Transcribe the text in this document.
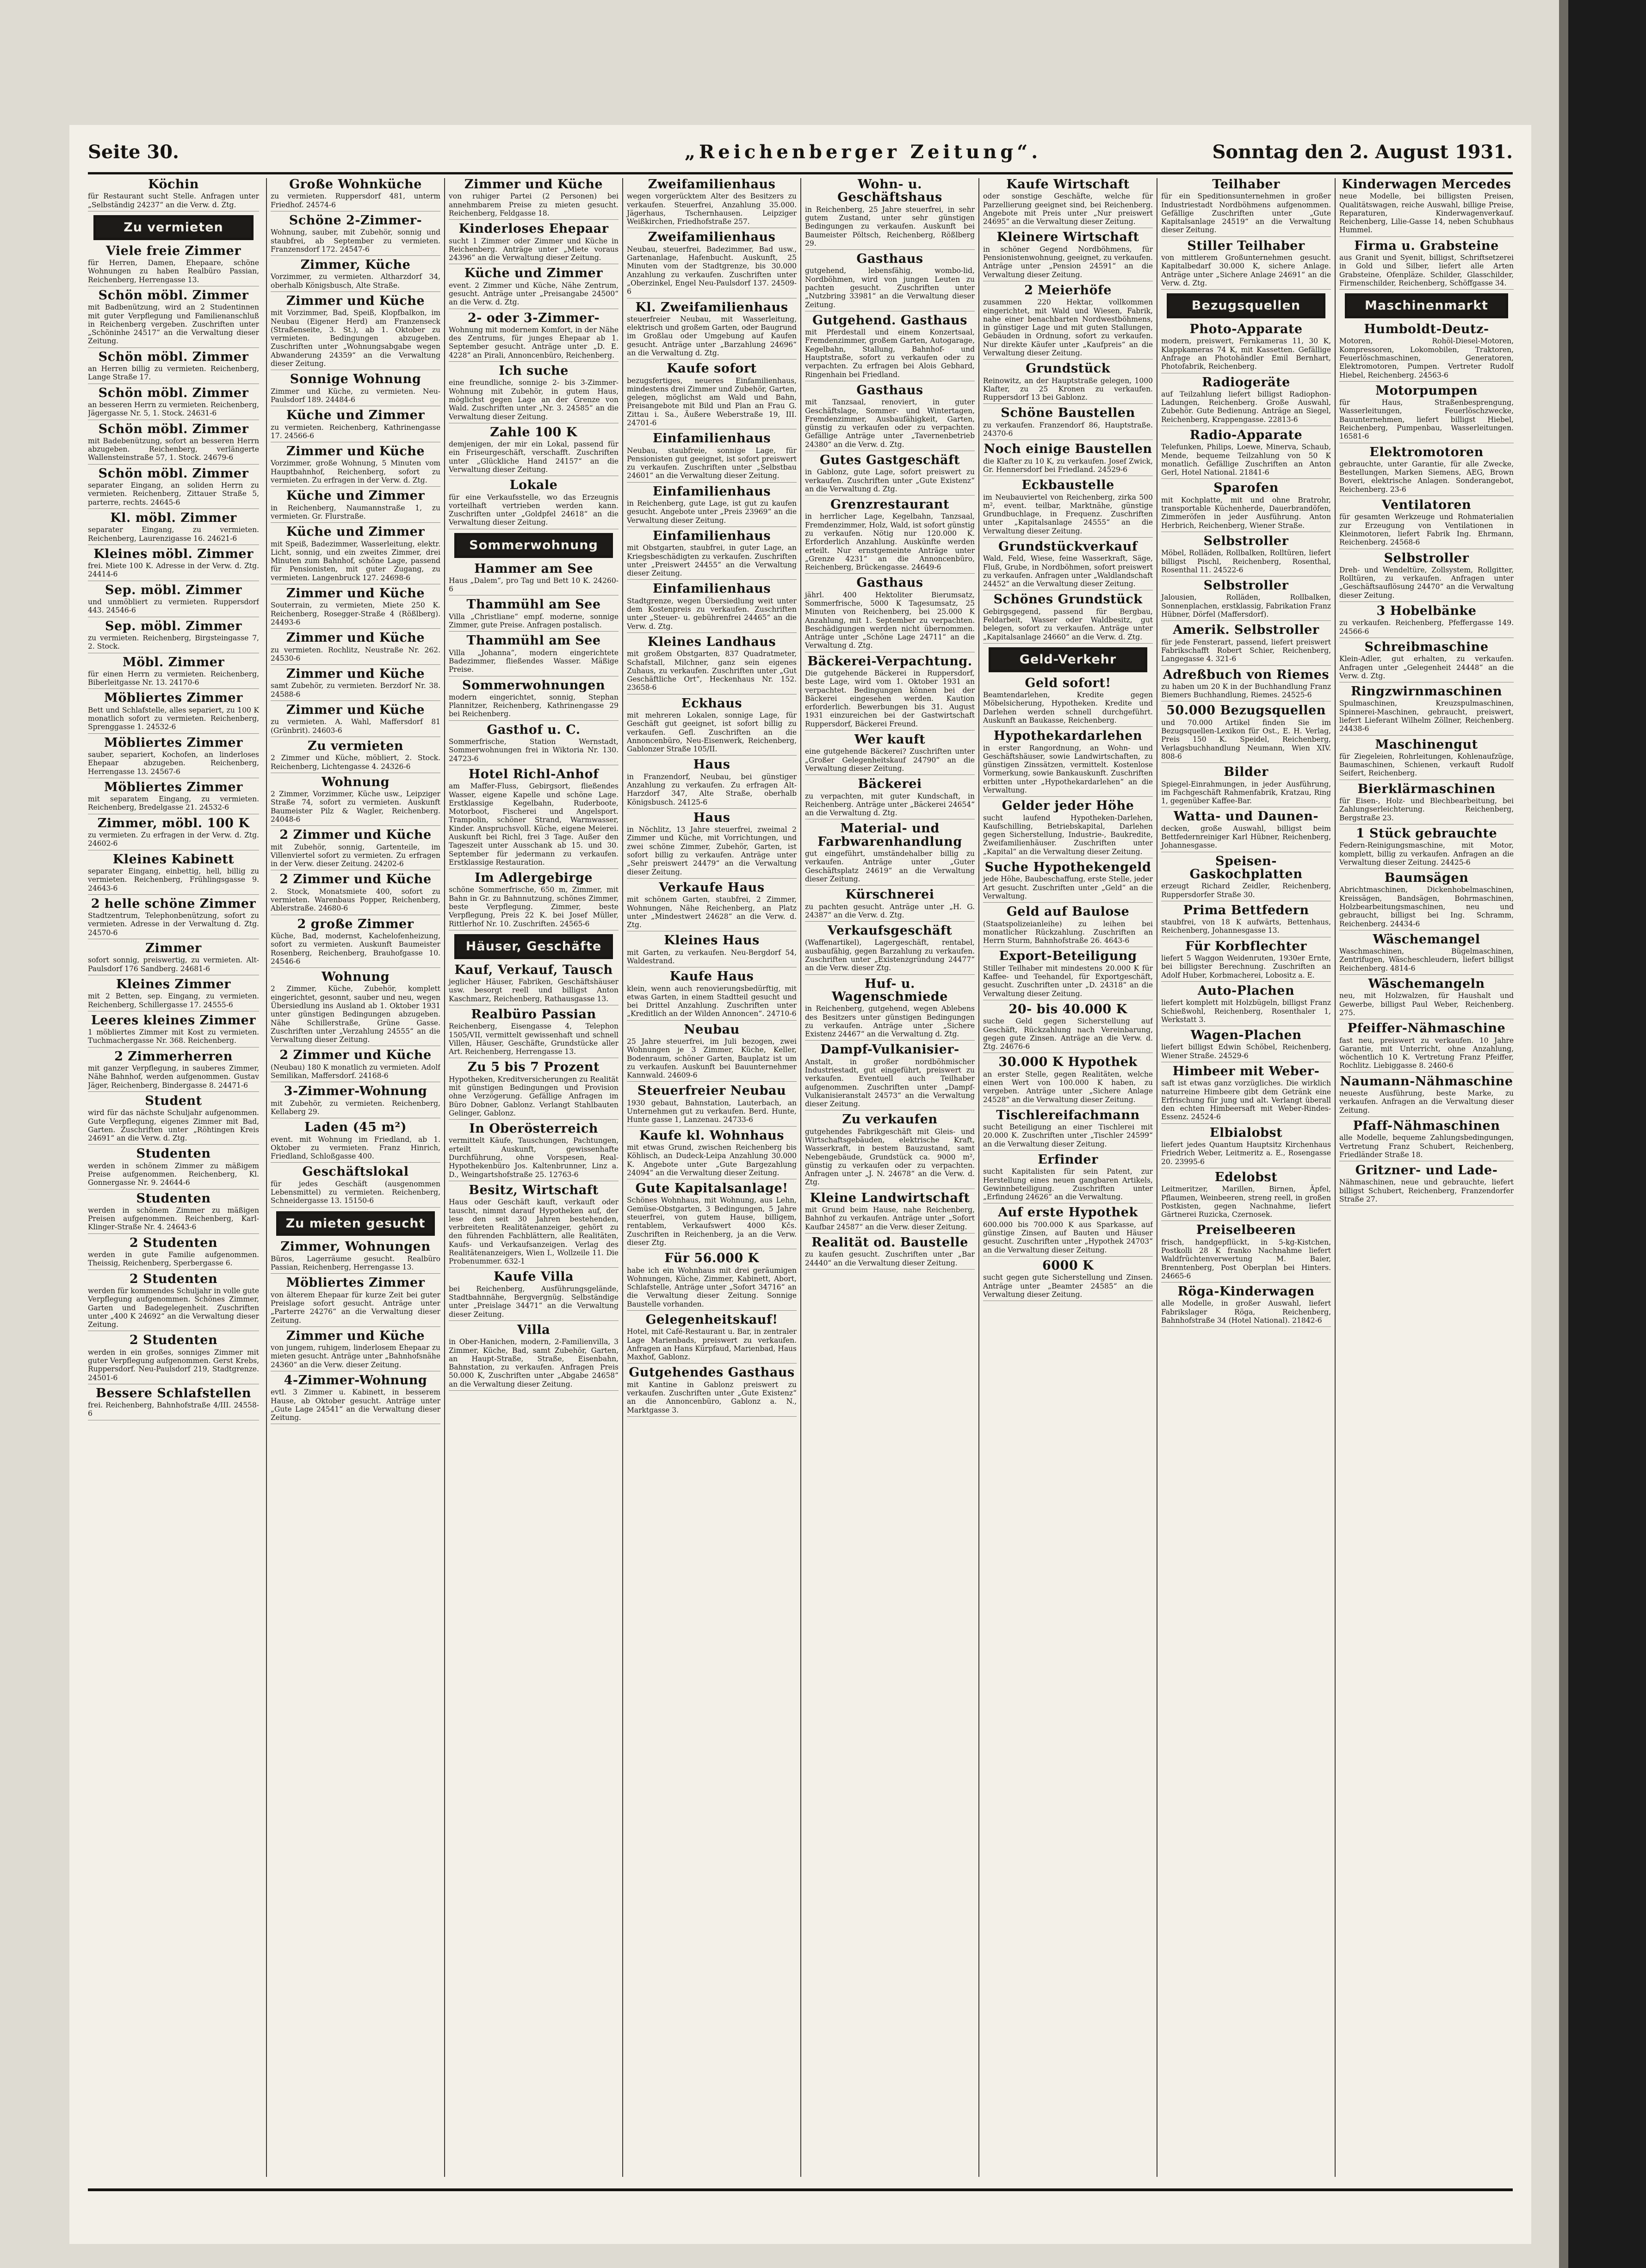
Seite 30.	„Reichenberger Zeitung“.	Sonntag den 2. August 1931.
Köchin

für Restaurant sucht Stelle. Anfragen unter „Selbständig 24237“ an die Verw. d. Ztg.

Zu vermieten
Viele freie Zimmer

für Herren, Damen, Ehepaare, schöne Wohnungen zu haben Realbüro Passian, Reichenberg, Herrengasse 13.

Schön möbl. Zimmer

mit Badbenützung, wird an 2 Studentinnen mit guter Verpflegung und Familienanschluß in Reichenberg vergeben. Zuschriften unter „Schöninhe 24517“ an die Verwaltung dieser Zeitung.

Schön möbl. Zimmer

an Herren billig zu vermieten. Reichenberg, Lange Straße 17.

Schön möbl. Zimmer

an besseren Herrn zu vermieten. Reichenberg, Jägergasse Nr. 5, 1. Stock. 24631-6

Schön möbl. Zimmer

mit Badebenützung, sofort an besseren Herrn abzugeben. Reichenberg, verlängerte Wallensteinstraße 57, 1. Stock. 24679-6

Schön möbl. Zimmer

separater Eingang, an soliden Herrn zu vermieten. Reichenberg, Zittauer Straße 5, parterre, rechts. 24645-6

Kl. möbl. Zimmer

separater Eingang, zu vermieten. Reichenberg, Laurenzigasse 16. 24621-6

Kleines möbl. Zimmer

frei. Miete 100 K. Adresse in der Verw. d. Ztg. 24414-6

Sep. möbl. Zimmer

und unmöbliert zu vermieten. Ruppersdorf 443. 24546-6

Sep. möbl. Zimmer

zu vermieten. Reichenberg, Birgsteingasse 7, 2. Stock.

Möbl. Zimmer

für einen Herrn zu vermieten. Reichenberg, Biberleitgasse Nr. 13. 24170-6

Möbliertes Zimmer

Bett und Schlafstelle, alles separiert, zu 100 K monatlich sofort zu vermieten. Reichenberg, Sprenggasse 1. 24532-6

Möbliertes Zimmer

sauber, separiert, Kochofen, an linderloses Ehepaar abzugeben. Reichenberg, Herrengasse 13. 24567-6

Möbliertes Zimmer

mit separatem Eingang, zu vermieten. Reichenberg, Bredelgasse 21. 24532-6

Zimmer, möbl. 100 K

zu vermieten. Zu erfragen in der Verw. d. Ztg. 24602-6

Kleines Kabinett

separater Eingang, einbettig, hell, billig zu vermieten. Reichenberg, Frühlingsgasse 9. 24643-6

2 helle schöne Zimmer

Stadtzentrum, Telephonbenützung, sofort zu vermieten. Adresse in der Verwaltung d. Ztg. 24570-6

Zimmer

sofort sonnig, preiswertig, zu vermieten. Alt-Paulsdorf 176 Sandberg. 24681-6

Kleines Zimmer

mit 2 Betten, sep. Eingang, zu vermieten. Reichenberg, Schillergasse 17. 24555-6

Leeres kleines Zimmer

1 möbliertes Zimmer mit Kost zu vermieten. Tuchmachergasse Nr. 368. Reichenberg.

2 Zimmerherren

mit ganzer Verpflegung, in sauberes Zimmer, Nähe Bahnhof, werden aufgenommen. Gustav Jäger, Reichenberg, Bindergasse 8. 24471-6

Student

wird für das nächste Schuljahr aufgenommen. Gute Verpflegung, eigenes Zimmer mit Bad, Garten. Zuschriften unter „Röhtingen Kreis 24691“ an die Verw. d. Ztg.

Studenten

werden in schönem Zimmer zu mäßigem Preise aufgenommen. Reichenberg, Kl. Gonnergasse Nr. 9. 24644-6

Studenten

werden in schönem Zimmer zu mäßigen Preisen aufgenommen. Reichenberg, Karl-Klinger-Straße Nr. 4. 24643-6

2 Studenten

werden in gute Familie aufgenommen. Theissig, Reichenberg, Sperbergasse 6.

2 Studenten

werden für kommendes Schuljahr in volle gute Verpflegung aufgenommen. Schönes Zimmer, Garten und Badegelegenheit. Zuschriften unter „400 K 24692“ an die Verwaltung dieser Zeitung.

2 Studenten

werden in ein großes, sonniges Zimmer mit guter Verpflegung aufgenommen. Gerst Krebs, Ruppersdorf. Neu-Paulsdorf 219, Stadtgrenze. 24501-6

Bessere Schlafstellen

frei. Reichenberg, Bahnhofstraße 4/III. 24558-6

Große Wohnküche

zu vermieten. Ruppersdorf 481, unterm Friedhof. 24574-6

Schöne 2-Zimmer-

Wohnung, sauber, mit Zubehör, sonnig und staubfrei, ab September zu vermieten. Franzensdorf 172. 24547-6

Zimmer, Küche

Vorzimmer, zu vermieten. Altharzdorf 34, oberhalb Königsbusch, Alte Straße.

Zimmer und Küche

mit Vorzimmer, Bad, Speiß, Klopfbalkon, im Neubau (Eigener Herd) am Franzenseck (Straßenseite, 3. St.), ab 1. Oktober zu vermieten. Bedingungen abzugeben. Zuschriften unter „Wohnungsabgabe wegen Abwanderung 24359“ an die Verwaltung dieser Zeitung.

Sonnige Wohnung

Zimmer und Küche, zu vermieten. Neu-Paulsdorf 189. 24484-6

Küche und Zimmer

zu vermieten. Reichenberg, Kathrinengasse 17. 24566-6

Zimmer und Küche

Vorzimmer, große Wohnung, 5 Minuten vom Hauptbahnhof, Reichenberg, sofort zu vermieten. Zu erfragen in der Verw. d. Ztg.

Küche und Zimmer

in Reichenberg, Naumannstraße 1, zu vermieten. Gr. Flurstraße.

Küche und Zimmer

mit Speiß, Badezimmer, Wasserleitung, elektr. Licht, sonnig, und ein zweites Zimmer, drei Minuten zum Bahnhof, schöne Lage, passend für Pensionisten, mit guter Zugang, zu vermieten. Langenbruck 127. 24698-6

Zimmer und Küche

Souterrain, zu vermieten, Miete 250 K. Reichenberg, Rosegger-Straße 4 (Rößlberg). 24493-6

Zimmer und Küche

zu vermieten. Rochlitz, Neustraße Nr. 262. 24530-6

Zimmer und Küche

samt Zubehör, zu vermieten. Berzdorf Nr. 38. 24588-6

Zimmer und Küche

zu vermieten. A. Wahl, Maffersdorf 81 (Grünbrit). 24603-6

Zu vermieten

2 Zimmer und Küche, möbliert, 2. Stock. Reichenberg, Lichtengasse 4. 24326-6

Wohnung

2 Zimmer, Vorzimmer, Küche usw., Leipziger Straße 74, sofort zu vermieten. Auskunft Baumeister Pilz & Wagler, Reichenberg. 24048-6

2 Zimmer und Küche

mit Zubehör, sonnig, Gartenteile, im Villenviertel sofort zu vermieten. Zu erfragen in der Verw. dieser Zeitung. 24202-6

2 Zimmer und Küche

2. Stock, Monatsmiete 400, sofort zu vermieten. Warenbaus Popper, Reichenberg, Ablerstraße. 24680-6

2 große Zimmer

Küche, Bad, modernst, Kachelofenheizung, sofort zu vermieten. Auskunft Baumeister Rosenberg, Reichenberg, Brauhofgasse 10. 24546-6

Wohnung

2 Zimmer, Küche, Zubehör, komplett eingerichtet, gesonnt, sauber und neu, wegen Übersiedlung ins Ausland ab 1. Oktober 1931 unter günstigen Bedingungen abzugeben. Nähe Schillerstraße, Grüne Gasse. Zuschriften unter „Verzahlung 24555“ an die Verwaltung dieser Zeitung.

2 Zimmer und Küche

(Neubau) 180 K monatlich zu vermieten. Adolf Semilikan, Maffersdorf. 24168-6

3-Zimmer-Wohnung

mit Zubehör, zu vermieten. Reichenberg, Kellaberg 29.

Laden (45 m²)

event. mit Wohnung im Friedland, ab 1. Oktober zu vermieten. Franz Hinrich, Friedland, Schloßgasse 400.

Geschäftslokal

für jedes Geschäft (ausgenommen Lebensmittel) zu vermieten. Reichenberg, Schneidergasse 13. 15150-6

Zu mieten gesucht
Zimmer, Wohnungen

Büros, Lagerräume gesucht. Realbüro Passian, Reichenberg, Herrengasse 13.

Möbliertes Zimmer

von älterem Ehepaar für kurze Zeit bei guter Preislage sofort gesucht. Anträge unter „Parterre 24276“ an die Verwaltung dieser Zeitung.

Zimmer und Küche

von jungem, ruhigem, linderlosem Ehepaar zu mieten gesucht. Anträge unter „Bahnhofsnähe 24360“ an die Verw. dieser Zeitung.

4-Zimmer-Wohnung

evtl. 3 Zimmer u. Kabinett, in besserem Hause, ab Oktober gesucht. Anträge unter „Gute Lage 24541“ an die Verwaltung dieser Zeitung.

Zimmer und Küche

von ruhiger Partei (2 Personen) bei annehmbarem Preise zu mieten gesucht. Reichenberg, Feldgasse 18.

Kinderloses Ehepaar

sucht 1 Zimmer oder Zimmer und Küche in Reichenberg. Anträge unter „Miete voraus 24396“ an die Verwaltung dieser Zeitung.

Küche und Zimmer

event. 2 Zimmer und Küche, Nähe Zentrum, gesucht. Anträge unter „Preisangabe 24500“ an die Verw. d. Ztg.

2- oder 3-Zimmer-

Wohnung mit modernem Komfort, in der Nähe des Zentrums, für junges Ehepaar ab 1. September gesucht. Anträge unter „D. E. 4228“ an Pirali, Annoncenbüro, Reichenberg.

Ich suche

eine freundliche, sonnige 2- bis 3-Zimmer-Wohnung mit Zubehör, in gutem Haus, möglichst gegen Lage an der Grenze von Wald. Zuschriften unter „Nr. 3. 24585“ an die Verwaltung dieser Zeitung.

Zahle 100 K

demjenigen, der mir ein Lokal, passend für ein Friseurgeschäft, verschafft. Zuschriften unter „Glückliche Hand 24157“ an die Verwaltung dieser Zeitung.

Lokale

für eine Verkaufsstelle, wo das Erzeugnis vorteilhaft vertrieben werden kann. Zuschriften unter „Goldpfel 24618“ an die Verwaltung dieser Zeitung.

Sommerwohnung
Hammer am See

Haus „Dalem“, pro Tag und Bett 10 K. 24260-6

Thammühl am See

Villa „Christliane“ empf. moderne, sonnige Zimmer, gute Preise. Anfragen postalisch.

Thammühl am See

Villa „Johanna“, modern eingerichtete Badezimmer, fließendes Wasser. Mäßige Preise.

Sommerwohnungen

modern eingerichtet, sonnig, Stephan Plannitzer, Reichenberg, Kathrinengasse 29 bei Reichenberg.

Gasthof u. C.

Sommerfrische, Station Wernstadt, Sommerwohnungen frei in Wiktoria Nr. 130. 24723-6

Hotel Richl-Anhof

am Maffer-Fluss, Gebirgsort, fließendes Wasser, eigene Kapelle und schöne Lage. Erstklassige Kegelbahn, Ruderboote, Motorboot, Fischerei und Angelsport. Trampolin, schöner Strand, Warmwasser, Kinder. Anspruchsvoll. Küche, eigene Meierei. Auskunft bei Richl, frei 3 Tage. Außer den Tageszeit unter Ausschank ab 15. und 30. September für jedermann zu verkaufen. Erstklassige Restauration.

Im Adlergebirge

schöne Sommerfrische, 650 m, Zimmer, mit Bahn in Gr. zu Bahnnutzung, schönes Zimmer, beste Verpflegung. Zimmer, beste Verpflegung, Preis 22 K. bei Josef Müller, Rittlerhof Nr. 10. Zuschriften. 24565-6

Häuser, Geschäfte
Kauf, Verkauf, Tausch

jeglicher Häuser, Fabriken, Geschäftshäuser usw. besorgt reell und billigst Anton Kaschmarz, Reichenberg, Rathausgasse 13.

Realbüro Passian

Reichenberg, Eisengasse 4, Telephon 1505/VII, vermittelt gewissenhaft und schnell Villen, Häuser, Geschäfte, Grundstücke aller Art. Reichenberg, Herrengasse 13.

Zu 5 bis 7 Prozent

Hypotheken, Kreditversicherungen zu Realität mit günstigen Bedingungen und Provision ohne Verzögerung. Gefällige Anfragen im Büro Dobner, Gablonz. Verlangt Stahlbauten Gelinger, Gablonz.

In Oberösterreich

vermittelt Käufe, Tauschungen, Pachtungen, erteilt Auskunft, gewissenhafte Durchführung, ohne Vorspesen, Real-Hypothekenbüro Jos. Kaltenbrunner, Linz a. D., Weingartshofstraße 25. 12763-6

Besitz, Wirtschaft

Haus oder Geschäft kauft, verkauft oder tauscht, nimmt darauf Hypotheken auf, der lese den seit 30 Jahren bestehenden, verbreiteten Realitätenanzeiger, gehört zu den führenden Fachblättern, alle Realitäten, Kaufs- und Verkaufsanzeigen. Verlag des Realitätenanzeigers, Wien I., Wollzeile 11. Die Probenummer. 632-1

Kaufe Villa

bei Reichenberg, Ausführungsgelände, Stadtbahnnähe, Bergvergnüg. Selbständige unter „Preislage 34471“ an die Verwaltung dieser Zeitung.

Villa

in Ober-Hanichen, modern, 2-Familienvilla, 3 Zimmer, Küche, Bad, samt Zubehör, Garten, an Haupt-Straße, Straße, Eisenbahn, Bahnstation, zu verkaufen. Anfragen Preis 50.000 K, Zuschriften unter „Abgabe 24658“ an die Verwaltung dieser Zeitung.

Zweifamilienhaus

wegen vorgerücktem Alter des Besitzers zu verkaufen. Steuerfrei, Anzahlung 35.000. Jägerhaus, Tschernhausen. Leipziger Weißkirchen, Friedhofstraße 257.

Zweifamilienhaus

Neubau, steuerfrei, Badezimmer, Bad usw., Gartenanlage, Hafenbucht. Auskunft, 25 Minuten vom der Stadtgrenze, bis 30.000 Anzahlung zu verkaufen. Zuschriften unter „Oberzinkel, Engel Neu-Paulsdorf 137. 24509-6

Kl. Zweifamilienhaus

steuerfreier Neubau, mit Wasserleitung, elektrisch und großem Garten, oder Baugrund im Großlau oder Umgebung auf Kaufen gesucht. Anträge unter „Barzahlung 24696“ an die Verwaltung d. Ztg.

Kaufe sofort

bezugsfertiges, neueres Einfamilienhaus, mindestens drei Zimmer und Zubehör, Garten, gelegen, möglichst am Wald und Bahn, Preisangebote mit Bild und Plan an Frau G. Zittau i. Sa., Äußere Weberstraße 19, III. 24701-6

Einfamilienhaus

Neubau, staubfreie, sonnige Lage, für Pensionisten gut geeignet, ist sofort preiswert zu verkaufen. Zuschriften unter „Selbstbau 24601“ an die Verwaltung dieser Zeitung.

Einfamilienhaus

in Reichenberg, gute Lage, ist gut zu kaufen gesucht. Angebote unter „Preis 23969“ an die Verwaltung dieser Zeitung.

Einfamilienhaus

mit Obstgarten, staubfrei, in guter Lage, an Kriegsbeschädigten zu verkaufen. Zuschriften unter „Preiswert 24455“ an die Verwaltung dieser Zeitung.

Einfamilienhaus

Stadtgrenze, wegen Übersiedlung weit unter dem Kostenpreis zu verkaufen. Zuschriften unter „Steuer- u. gebührenfrei 24465“ an die Verw. d. Ztg.

Kleines Landhaus

mit großem Obstgarten, 837 Quadratmeter, Schafstall, Milchner, ganz sein eigenes Zuhaus, zu verkaufen. Zuschriften unter „Gut Geschäftliche Ort“, Heckenhaus Nr. 152. 23658-6

Eckhaus

mit mehreren Lokalen, sonnige Lage, für Geschäft gut geeignet, ist sofort billig zu verkaufen. Gefl. Zuschriften an die Annoncenbüro, Neu-Eisenwerk, Reichenberg, Gablonzer Straße 105/II.

Haus

in Franzendorf, Neubau, bei günstiger Anzahlung zu verkaufen. Zu erfragen Alt-Harzdorf 347, Alte Straße, oberhalb Königsbusch. 24125-6

Haus

in Nöchlitz, 13 Jahre steuerfrei, zweimal 2 Zimmer und Küche, mit Vorrichtungen, und zwei schöne Zimmer, Zubehör, Garten, ist sofort billig zu verkaufen. Anträge unter „Sehr preiswert 24479“ an die Verwaltung dieser Zeitung.

Verkaufe Haus

mit schönem Garten, staubfrei, 2 Zimmer, Wohnungen, Nähe Reichenberg, an Platz unter „Mindestwert 24628“ an die Verw. d. Ztg.

Kleines Haus

mit Garten, zu verkaufen. Neu-Bergdorf 54, Waldestrand.

Kaufe Haus

klein, wenn auch renovierungsbedürftig, mit etwas Garten, in einem Stadtteil gesucht und bei Drittel Anzahlung. Zuschriften unter „Kreditlich an der Wilden Annoncen“. 24710-6

Neubau

25 Jahre steuerfrei, im Juli bezogen, zwei Wohnungen je 3 Zimmer, Küche, Keller, Bodenraum, schöner Garten, Bauplatz ist um zu verkaufen. Auskunft bei Bauunternehmer Kannwald. 24609-6

Steuerfreier Neubau

1930 gebaut, Bahnstation, Lauterbach, an Unternehmen gut zu verkaufen. Berd. Hunte, Hunte gasse 1, Lanzenau. 24733-6

Kaufe kl. Wohnhaus

mit etwas Grund, zwischen Reichenberg bis Köhlisch, an Dudeck-Leipa Anzahlung 30.000 K. Angebote unter „Gute Bargezahlung 24094“ an die Verwaltung dieser Zeitung.

Gute Kapitalsanlage!

Schönes Wohnhaus, mit Wohnung, aus Lehn, Gemüse-Obstgarten, 3 Bedingungen, 5 Jahre steuerfrei, von gutem Hause, billigem, rentablem, Verkaufswert 4000 Kčs. Zuschriften in Reichenberg, ja an die Verw. dieser Ztg.

Für 56.000 K

habe ich ein Wohnhaus mit drei geräumigen Wohnungen, Küche, Zimmer, Kabinett, Abort, Schlafstelle, Anträge unter „Sofort 34716“ an die Verwaltung dieser Zeitung. Sonnige Baustelle vorhanden.

Gelegenheitskauf!

Hotel, mit Café-Restaurant u. Bar, in zentraler Lage Marienbads, preiswert zu verkaufen. Anfragen an Hans Kürpfaud, Marienbad, Haus Maxhof, Gablonz.

Gutgehendes Gasthaus

mit Kantine in Gablonz preiswert zu verkaufen. Zuschriften unter „Gute Existenz“ an die Annoncenbüro, Gablonz a. N., Marktgasse 3.

Wohn- u. Geschäftshaus

in Reichenberg, 25 Jahre steuerfrei, in sehr gutem Zustand, unter sehr günstigen Bedingungen zu verkaufen. Auskunft bei Baumeister Pöltsch, Reichenberg, Rößlberg 29.

Gasthaus

gutgehend, lebensfähig, wombo-lid, Nordböhmen, wird von jungen Leuten zu pachten gesucht. Zuschriften unter „Nutzbring 33981“ an die Verwaltung dieser Zeitung.

Gutgehend. Gasthaus

mit Pferdestall und einem Konzertsaal, Fremdenzimmer, großem Garten, Autogarage, Kegelbahn, Stallung, Bahnhof- und Hauptstraße, sofort zu verkaufen oder zu verpachten. Zu erfragen bei Alois Gebhard, Ringenhain bei Friedland.

Gasthaus

mit Tanzsaal, renoviert, in guter Geschäftslage, Sommer- und Wintertagen, Fremdenzimmer, Ausbaufähigkeit, Garten, günstig zu verkaufen oder zu verpachten. Gefällige Anträge unter „Tavernenbetrieb 24380“ an die Verw. d. Ztg.

Gutes Gastgeschäft

in Gablonz, gute Lage, sofort preiswert zu verkaufen. Zuschriften unter „Gute Existenz“ an die Verwaltung d. Ztg.

Grenzrestaurant

in herrlicher Lage, Kegelbahn, Tanzsaal, Fremdenzimmer, Holz, Wald, ist sofort günstig zu verkaufen. Nötig nur 120.000 K. Erforderlich Anzahlung. Auskünfte werden erteilt. Nur ernstgemeinte Anträge unter „Grenze 4231“ an die Annoncenbüro, Reichenberg, Brückengasse. 24649-6

Gasthaus

jährl. 400 Hektoliter Bierumsatz, Sommerfrische, 5000 K Tagesumsatz, 25 Minuten von Reichenberg, bei 25.000 K Anzahlung, mit 1. September zu verpachten. Beschädigungen werden nicht übernommen. Anträge unter „Schöne Lage 24711“ an die Verwaltung d. Ztg.

Bäckerei-Verpachtung.

Die gutgehende Bäckerei in Ruppersdorf, beste Lage, wird vom 1. Oktober 1931 an verpachtet. Bedingungen können bei der Bäckerei eingesehen werden. Kaution erforderlich. Bewerbungen bis 31. August 1931 einzureichen bei der Gastwirtschaft Ruppersdorf, Bäckerei Freund.

Wer kauft

eine gutgehende Bäckerei? Zuschriften unter „Großer Gelegenheitskauf 24790“ an die Verwaltung dieser Zeitung.

Bäckerei

zu verpachten, mit guter Kundschaft, in Reichenberg. Anträge unter „Bäckerei 24654“ an die Verwaltung d. Ztg.

Material- und Farbwarenhandlung

gut eingeführt, umständehalber billig zu verkaufen. Anträge unter „Guter Geschäftsplatz 24619“ an die Verwaltung dieser Zeitung.

Kürschnerei

zu pachten gesucht. Anträge unter „H. G. 24387“ an die Verw. d. Ztg.

Verkaufsgeschäft

(Waffenartikel), Lagergeschäft, rentabel, ausbaufähig, gegen Barzahlung zu verkaufen. Zuschriften unter „Existenzgründung 24477“ an die Verw. dieser Ztg.

Huf- u. Wagenschmiede

in Reichenberg, gutgehend, wegen Ablebens des Besitzers unter günstigen Bedingungen zu verkaufen. Anträge unter „Sichere Existenz 24467“ an die Verwaltung d. Ztg.

Dampf-Vulkanisier-

Anstalt, in großer nordböhmischer Industriestadt, gut eingeführt, preiswert zu verkaufen. Eventuell auch Teilhaber aufgenommen. Zuschriften unter „Dampf-Vulkanisieranstalt 24573“ an die Verwaltung dieser Zeitung.

Zu verkaufen

gutgehendes Fabrikgeschäft mit Gleis- und Wirtschaftsgebäuden, elektrische Kraft, Wasserkraft, in bestem Bauzustand, samt Nebengebäude, Grundstück ca. 9000 m², günstig zu verkaufen oder zu verpachten. Anfragen unter „J. N. 24678“ an die Verw. d. Ztg.

Kleine Landwirtschaft

mit Grund beim Hause, nahe Reichenberg, Bahnhof zu verkaufen. Anträge unter „Sofort Kaufbar 24587“ an die Verw. dieser Zeitung.

Realität od. Baustelle

zu kaufen gesucht. Zuschriften unter „Bar 24440“ an die Verwaltung dieser Zeitung.

Kaufe Wirtschaft

oder sonstige Geschäfte, welche für Parzellierung geeignet sind, bei Reichenberg. Angebote mit Preis unter „Nur preiswert 24695“ an die Verwaltung dieser Zeitung.

Kleinere Wirtschaft

in schöner Gegend Nordböhmens, für Pensionistenwohnung, geeignet, zu verkaufen. Anträge unter „Pension 24591“ an die Verwaltung dieser Zeitung.

2 Meierhöfe

zusammen 220 Hektar, vollkommen eingerichtet, mit Wald und Wiesen, Fabrik, nahe einer benachbarten Nordwestböhmens, in günstiger Lage und mit guten Stallungen, Gebäuden in Ordnung, sofort zu verkaufen. Nur direkte Käufer unter „Kaufpreis“ an die Verwaltung dieser Zeitung.

Grundstück

Reinowitz, an der Hauptstraße gelegen, 1000 Klafter, zu 25 Kronen zu verkaufen. Ruppersdorf 13 bei Gablonz.

Schöne Baustellen

zu verkaufen. Franzendorf 86, Hauptstraße. 24370-6

Noch einige Baustellen

die Klafter zu 10 K, zu verkaufen. Josef Zwick, Gr. Hennersdorf bei Friedland. 24529-6

Eckbaustelle

im Neubauviertel von Reichenberg, zirka 500 m², event. teilbar, Marktnähe, günstige Grundbuchlage, in Frequenz. Zuschriften unter „Kapitalsanlage 24555“ an die Verwaltung dieser Zeitung.

Grundstückverkauf

Wald, Feld, Wiese, feine Wasserkraft, Säge, Fluß, Grube, in Nordböhmen, sofort preiswert zu verkaufen. Anfragen unter „Waldlandschaft 24452“ an die Verwaltung dieser Zeitung.

Schönes Grundstück

Gebirgsgegend, passend für Bergbau, Feldarbeit, Wasser oder Waldbesitz, gut belegen, sofort zu verkaufen. Anträge unter „Kapitalsanlage 24660“ an die Verw. d. Ztg.

Geld-Verkehr
Geld sofort!

Beamtendarlehen, Kredite gegen Möbelsicherung, Hypotheken. Kredite und Darlehen werden schnell durchgeführt. Auskunft an Baukasse, Reichenberg.

Hypothekardarlehen

in erster Rangordnung, an Wohn- und Geschäftshäuser, sowie Landwirtschaften, zu günstigen Zinssätzen, vermittelt. Kostenlose Vormerkung, sowie Bankauskunft. Zuschriften erbitten unter „Hypothekardarlehen“ an die Verwaltung.

Gelder jeder Höhe

sucht laufend Hypotheken-Darlehen, Kaufschilling, Betriebskapital, Darlehen gegen Sicherstellung, Industrie-, Baukredite, Zweifamilienhäuser. Zuschriften unter „Kapital“ an die Verwaltung dieser Zeitung.

Suche Hypothekengeld

jede Höhe, Baubeschaffung, erste Stelle, jeder Art gesucht. Zuschriften unter „Geld“ an die Verwaltung.

Geld auf Baulose

(Staatspolizeianleihe) zu leihen bei monatlicher Rückzahlung. Zuschriften an Herrn Sturm, Bahnhofstraße 26. 4643-6

Export-Beteiligung

Stiller Teilhaber mit mindestens 20.000 K für Kaffee- und Teehandel, für Exportgeschäft, gesucht. Zuschriften unter „D. 24318“ an die Verwaltung dieser Zeitung.

20- bis 40.000 K

suche Geld gegen Sicherstellung auf Geschäft, Rückzahlung nach Vereinbarung, gegen gute Zinsen. Anträge an die Verw. d. Ztg. 24676-6

30.000 K Hypothek

an erster Stelle, gegen Realitäten, welche einen Wert von 100.000 K haben, zu vergeben. Anträge unter „Sichere Anlage 24528“ an die Verwaltung dieser Zeitung.

Tischlereifachmann

sucht Beteiligung an einer Tischlerei mit 20.000 K. Zuschriften unter „Tischler 24599“ an die Verwaltung dieser Zeitung.

Erfinder

sucht Kapitalisten für sein Patent, zur Herstellung eines neuen gangbaren Artikels, Gewinnbeteiligung. Zuschriften unter „Erfindung 24626“ an die Verwaltung.

Auf erste Hypothek

600.000 bis 700.000 K aus Sparkasse, auf günstige Zinsen, auf Bauten und Häuser gesucht. Zuschriften unter „Hypothek 24703“ an die Verwaltung dieser Zeitung.

6000 K

sucht gegen gute Sicherstellung und Zinsen. Anträge unter „Beamter 24585“ an die Verwaltung dieser Zeitung.

Teilhaber

für ein Speditionsunternehmen in großer Industriestadt Nordböhmens aufgenommen. Gefällige Zuschriften unter „Gute Kapitalsanlage 24519“ an die Verwaltung dieser Zeitung.

Stiller Teilhaber

von mittlerem Großunternehmen gesucht. Kapitalbedarf 30.000 K, sichere Anlage. Anträge unter „Sichere Anlage 24691“ an die Verw. d. Ztg.

Bezugsquellen
Photo-Apparate

modern, preiswert, Fernkameras 11, 30 K, Klappkameras 74 K, mit Kassetten. Gefällige Anfrage an Photohändler Emil Bernhart, Photofabrik, Reichenberg.

Radiogeräte

auf Teilzahlung liefert billigst Radiophon-Ladungen, Reichenberg. Große Auswahl, Zubehör. Gute Bedienung. Anträge an Siegel, Reichenberg, Krappengasse. 22813-6

Radio-Apparate

Telefunken, Philips, Loewe, Minerva, Schaub, Mende, bequeme Teilzahlung von 50 K monatlich. Gefällige Zuschriften an Anton Gerl, Hotel National. 21841-6

Sparofen

mit Kochplatte, mit und ohne Bratrohr, transportable Küchenherde, Dauerbrandöfen, Zimmeröfen in jeder Ausführung. Anton Herbrich, Reichenberg, Wiener Straße.

Selbstroller

Möbel, Rolläden, Rollbalken, Rolltüren, liefert billigst Pischl, Reichenberg, Rosenthal, Rosenthal 11. 24522-6

Selbstroller

Jalousien, Rolläden, Rollbalken, Sonnenplachen, erstklassig, Fabrikation Franz Hübner, Dörfel (Maffersdorf).

Amerik. Selbstroller

für jede Fensterart, passend, liefert preiswert Fabrikschafft Robert Schier, Reichenberg, Langegasse 4. 321-6

Adreßbuch von Riemes

zu haben um 20 K in der Buchhandlung Franz Biemers Buchhandlung, Riemes. 24525-6

50.000 Bezugsquellen

und 70.000 Artikel finden Sie im Bezugsquellen-Lexikon für Ost., E. H. Verlag, Preis 150 K. Speidel, Reichenberg, Verlagsbuchhandlung Neumann, Wien XIV. 808-6

Bilder

Spiegel-Einrahmungen, in jeder Ausführung, im Fachgeschäft Rahmenfabrik, Kratzau, Ring 1, gegenüber Kaffee-Bar.

Watta- und Daunen-

decken, große Auswahl, billigst beim Bettfedernreiniger Karl Hübner, Reichenberg, Johannesgasse.

Speisen-Gaskochplatten

erzeugt Richard Zeidler, Reichenberg, Ruppersdorfer Straße 30.

Prima Bettfedern

staubfrei, von 18 K aufwärts, Bettenhaus, Reichenberg, Johannesgasse 13.

Für Korbflechter

liefert 5 Waggon Weidenruten, 1930er Ernte, bei billigster Berechnung. Zuschriften an Adolf Huber, Korbmacherei, Lobositz a. E.

Auto-Plachen

liefert komplett mit Holzbügeln, billigst Franz Schießwohl, Reichenberg, Rosenthaler 1, Werkstatt 3.

Wagen-Plachen

liefert billigst Edwin Schöbel, Reichenberg, Wiener Straße. 24529-6

Himbeer mit Weber-

saft ist etwas ganz vorzügliches. Die wirklich naturreine Himbeere gibt dem Getränk eine Erfrischung für jung und alt. Verlangt überall den echten Himbeersaft mit Weber-Rindes-Essenz. 24524-6

Elbialobst

liefert jedes Quantum Hauptsitz Kirchenhaus Friedrich Weber, Leitmeritz a. E., Rosengasse 20. 23995-6

Edelobst

Leitmeritzer, Marillen, Birnen, Äpfel, Pflaumen, Weinbeeren, streng reell, in großen Postkisten, gegen Nachnahme, liefert Gärtnerei Ruzicka, Czernosek.

Preiselbeeren

frisch, handgepflückt, in 5-kg-Kistchen, Postkolli 28 K franko Nachnahme liefert Waldfrüchtenverwertung M. Baier, Brenntenberg, Post Oberplan bei Hinters. 24665-6

Röga-Kinderwagen

alle Modelle, in großer Auswahl, liefert Fabrikslager Röga, Reichenberg, Bahnhofstraße 34 (Hotel National). 21842-6

Kinderwagen Mercedes

neue Modelle, bei billigsten Preisen, Qualitätswagen, reiche Auswahl, billige Preise, Reparaturen, Kinderwagenverkauf. Reichenberg, Lilie-Gasse 14, neben Schubhaus Hummel.

Firma u. Grabsteine

aus Granit und Syenit, billigst, Schriftsetzerei in Gold und Silber, liefert alle Arten Grabsteine, Ofenpläze. Schilder, Glasschilder, Firmenschilder, Reichenberg, Schöffgasse 34.

Maschinenmarkt
Humboldt-Deutz-

Motoren, Rohöl-Diesel-Motoren, Kompressoren, Lokomobilen, Traktoren, Feuerlöschmaschinen, Generatoren, Elektromotoren, Pumpen. Vertreter Rudolf Hiebel, Reichenberg. 24563-6

Motorpumpen

für Haus, Straßenbesprengung, Wasserleitungen, Feuerlöschzwecke, Bauunternehmen, liefert billigst Hiebel, Reichenberg, Pumpenbau, Wasserleitungen. 16581-6

Elektromotoren

gebrauchte, unter Garantie, für alle Zwecke, Bestellungen, Marken Siemens, AEG, Brown Boveri, elektrische Anlagen. Sonderangebot, Reichenberg. 23-6

Ventilatoren

für gesamten Werkzeuge und Rohmaterialien zur Erzeugung von Ventilationen in Kleinmotoren, liefert Fabrik Ing. Ehrmann, Reichenberg. 24568-6

Selbstroller

Dreh- und Wendeltüre, Zollsystem, Rollgitter, Rolltüren, zu verkaufen. Anfragen unter „Geschäftsauflösung 24470“ an die Verwaltung dieser Zeitung.

3 Hobelbänke

zu verkaufen. Reichenberg, Pfeffergasse 149. 24566-6

Schreibmaschine

Klein-Adler, gut erhalten, zu verkaufen. Anfragen unter „Gelegenheit 24448“ an die Verw. d. Ztg.

Ringzwirnmaschinen

Spulmaschinen, Kreuzspulmaschinen, Spinnerei-Maschinen, gebraucht, preiswert, liefert Lieferant Wilhelm Zöllner, Reichenberg. 24438-6

Maschinengut

für Ziegeleien, Rohrleitungen, Kohlenaufzüge, Baumaschinen, Schienen, verkauft Rudolf Seifert, Reichenberg.

Bierklärmaschinen

für Eisen-, Holz- und Blechbearbeitung, bei Zahlungserleichterung. Reichenberg, Bergstraße 23.

1 Stück gebrauchte

Federn-Reinigungsmaschine, mit Motor, komplett, billig zu verkaufen. Anfragen an die Verwaltung dieser Zeitung. 24425-6

Baumsägen

Abrichtmaschinen, Dickenhobelmaschinen, Kreissägen, Bandsägen, Bohrmaschinen, Holzbearbeitungsmaschinen, neu und gebraucht, billigst bei Ing. Schramm, Reichenberg. 24434-6

Wäschemangel

Waschmaschinen, Bügelmaschinen, Zentrifugen, Wäscheschleudern, liefert billigst Reichenberg. 4814-6

Wäschemangeln

neu, mit Holzwalzen, für Haushalt und Gewerbe, billigst Paul Weber, Reichenberg. 275.

Pfeiffer-Nähmaschine

fast neu, preiswert zu verkaufen. 10 Jahre Garantie, mit Unterricht, ohne Anzahlung, wöchentlich 10 K. Vertretung Franz Pfeiffer, Rochlitz. Liebiggasse 8. 2460-6

Naumann-Nähmaschine

neueste Ausführung, beste Marke, zu verkaufen. Anfragen an die Verwaltung dieser Zeitung.

Pfaff-Nähmaschinen

alle Modelle, bequeme Zahlungsbedingungen, Vertretung Franz Schubert, Reichenberg, Friedländer Straße 18.

Gritzner- und Lade-

Nähmaschinen, neue und gebrauchte, liefert billigst Schubert, Reichenberg, Franzendorfer Straße 27.
